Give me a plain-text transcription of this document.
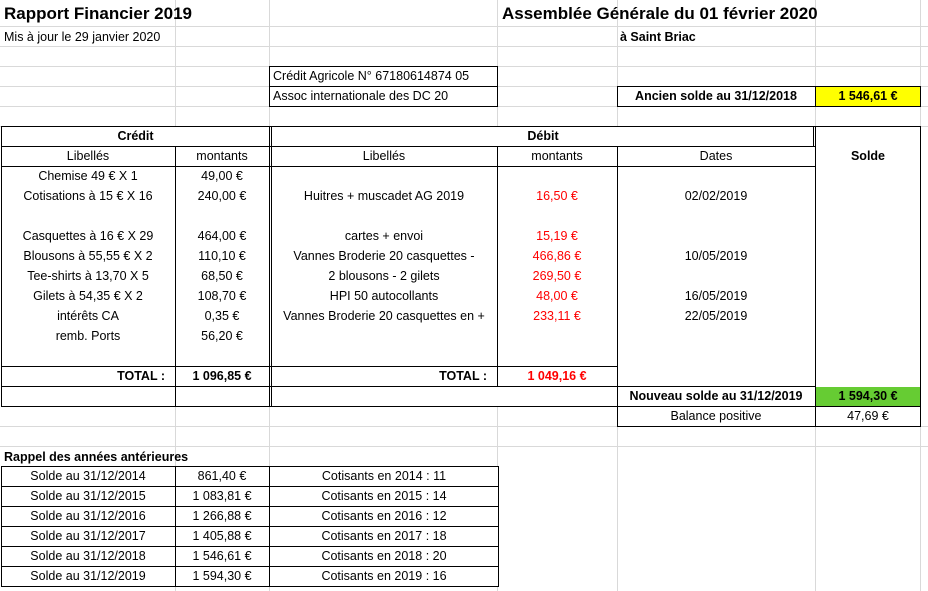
Rapport Financier 2019
Mis à jour le 29 janvier 2020
Assemblée Générale du 01 février 2020
à Saint Briac
Crédit Agricole N° 67180614874 05
Assoc internationale des DC 20	Ancien solde au 31/12/2018	1 546,61 €
Crédit
Libellés	montants
Chemise 49 € X 1	49,00 €
Cotisations à 15 € X 16	240,00 €
Casquettes à 16 € X 29	464,00 €
Blousons à 55,55 € X 2	110,10 €
Tee-shirts à 13,70 X 5	68,50 €
Gilets à 54,35 € X 2	108,70 €
intérêts CA	0,35 €
remb. Ports	56,20 €
TOTAL :	1 096,85 €
Débit
Libellés	montants	Dates
Huitres + muscadet AG 2019	16,50 €	02/02/2019
cartes + envoi	15,19 €
Vannes Broderie 20 casquettes -	466,86 €	10/05/2019
2 blousons - 2 gilets	269,50 €
HPI 50 autocollants	48,00 €	16/05/2019
Vannes Broderie 20 casquettes en +	233,11 €	22/05/2019
TOTAL :	1 049,16 €
Solde
Nouveau solde au 31/12/2019	1 594,30 €
Balance positive	47,69 €
Rappel des années antérieures
Solde au 31/12/2014	861,40 €	Cotisants en 2014 : 11
Solde au 31/12/2015	1 083,81 €	Cotisants en 2015 : 14
Solde au 31/12/2016	1 266,88 €	Cotisants en 2016 : 12
Solde au 31/12/2017	1 405,88 €	Cotisants en 2017 : 18
Solde au 31/12/2018	1 546,61 €	Cotisants en 2018 : 20
Solde au 31/12/2019	1 594,30 €	Cotisants en 2019 : 16
